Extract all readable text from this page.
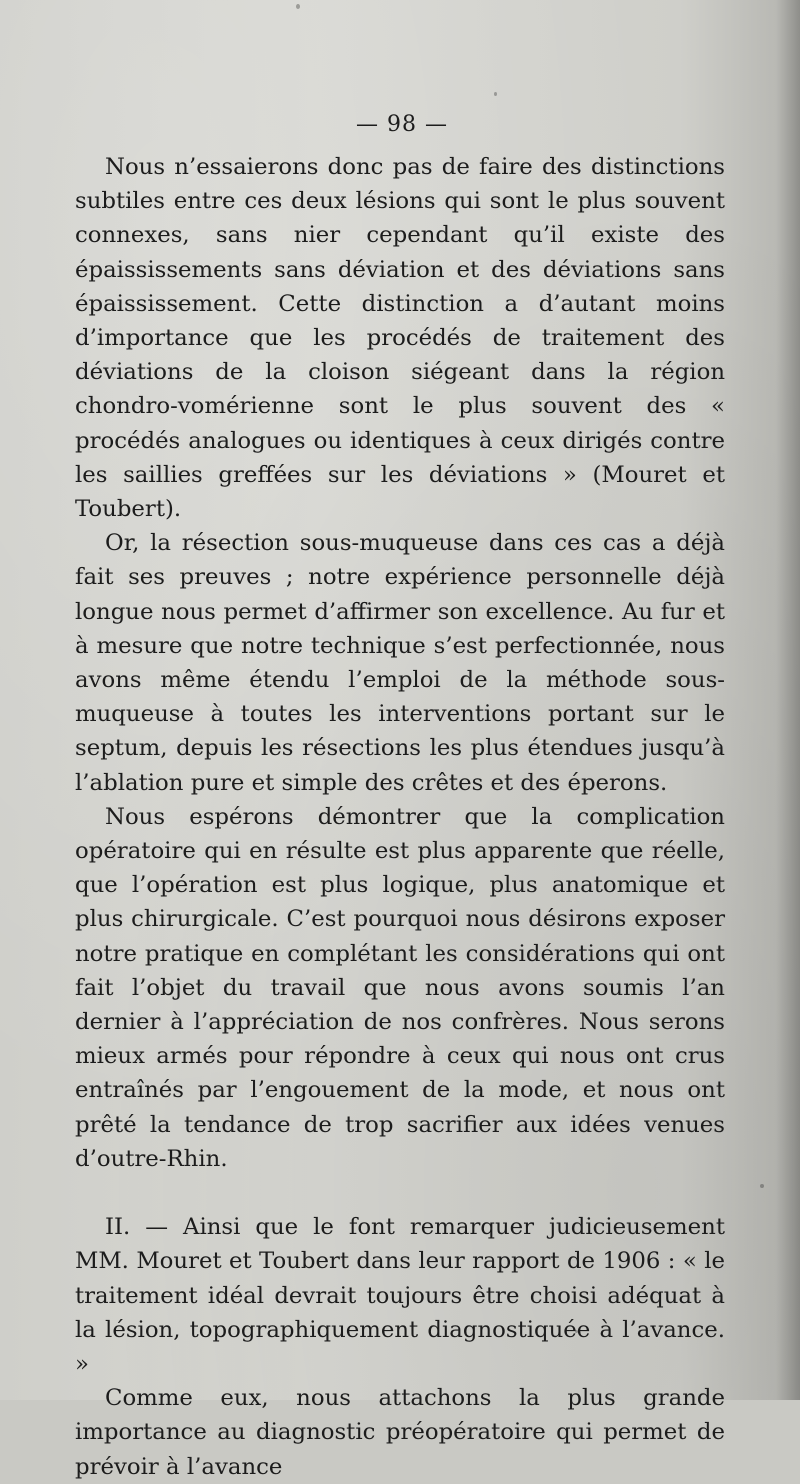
— 98 —

Nous n’essaierons donc pas de faire des distinctions subtiles entre ces deux lésions qui sont le plus souvent connexes, sans nier cependant qu’il existe des épaississements sans déviation et des déviations sans épaississement. Cette distinction a d’autant moins d’importance que les procédés de traitement des déviations de la cloison siégeant dans la région chondro-vomérienne sont le plus souvent des « procédés analogues ou identiques à ceux dirigés contre les saillies greffées sur les déviations » (Mouret et Toubert).

Or, la résection sous-muqueuse dans ces cas a déjà fait ses preuves ; notre expérience personnelle déjà longue nous permet d’affirmer son excellence. Au fur et à mesure que notre technique s’est perfectionnée, nous avons même étendu l’emploi de la méthode sous-muqueuse à toutes les interventions portant sur le septum, depuis les résections les plus étendues jusqu’à l’ablation pure et simple des crêtes et des éperons.

Nous espérons démontrer que la complication opératoire qui en résulte est plus apparente que réelle, que l’opération est plus logique, plus anatomique et plus chirurgicale. C’est pourquoi nous désirons exposer notre pratique en complétant les considérations qui ont fait l’objet du travail que nous avons soumis l’an dernier à l’appréciation de nos confrères. Nous serons mieux armés pour répondre à ceux qui nous ont crus entraînés par l’engouement de la mode, et nous ont prêté la tendance de trop sacrifier aux idées venues d’outre-Rhin.

II. — Ainsi que le font remarquer judicieusement MM. Mouret et Toubert dans leur rapport de 1906 : « le traitement idéal devrait toujours être choisi adéquat à la lésion, topographiquement diagnostiquée à l’avance. »

Comme eux, nous attachons la plus grande importance au diagnostic préopératoire qui permet de prévoir à l’avance
